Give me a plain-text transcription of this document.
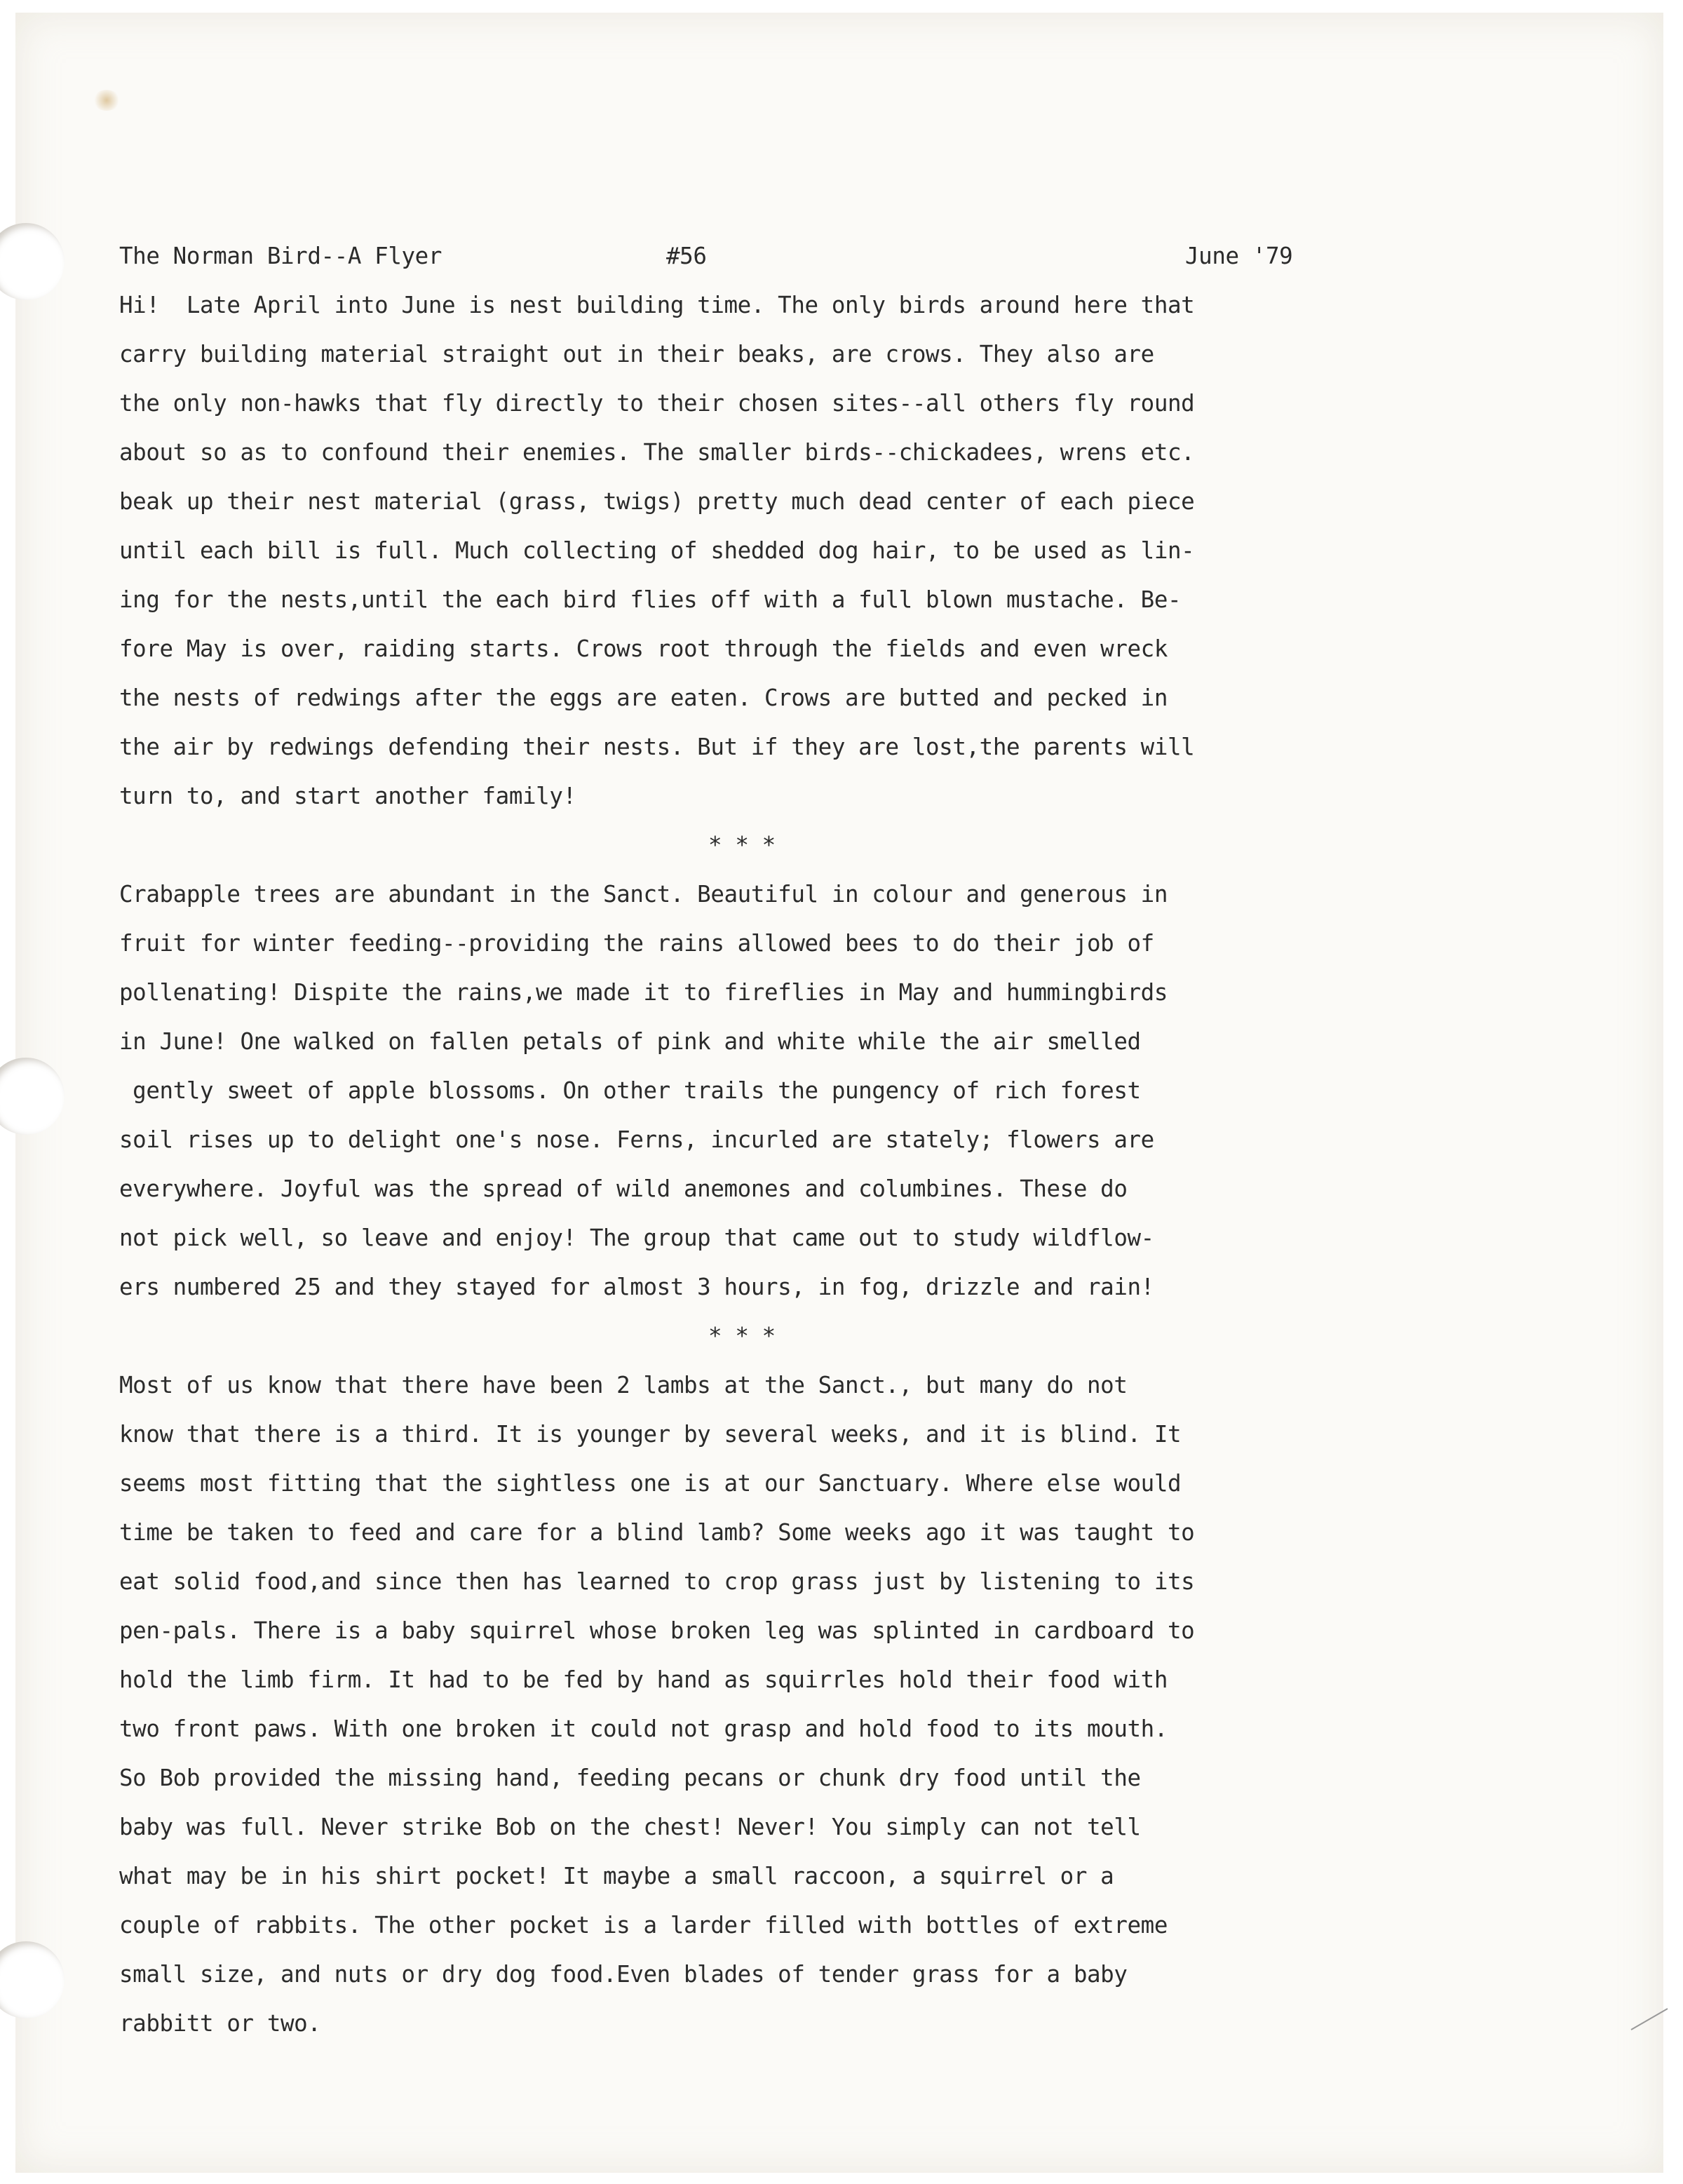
The Norman Bird--A Flyer	#56	June '79
Hi!  Late April into June is nest building time. The only birds around here that
carry building material straight out in their beaks, are crows. They also are
the only non-hawks that fly directly to their chosen sites--all others fly round
about so as to confound their enemies. The smaller birds--chickadees, wrens etc.
beak up their nest material (grass, twigs) pretty much dead center of each piece
until each bill is full. Much collecting of shedded dog hair, to be used as lin-
ing for the nests,until the each bird flies off with a full blown mustache. Be-
fore May is over, raiding starts. Crows root through the fields and even wreck
the nests of redwings after the eggs are eaten. Crows are butted and pecked in
the air by redwings defending their nests. But if they are lost,the parents will
turn to, and start another family!
* * *
Crabapple trees are abundant in the Sanct. Beautiful in colour and generous in
fruit for winter feeding--providing the rains allowed bees to do their job of
pollenating! Dispite the rains,we made it to fireflies in May and hummingbirds
in June! One walked on fallen petals of pink and white while the air smelled
gently sweet of apple blossoms. On other trails the pungency of rich forest
soil rises up to delight one's nose. Ferns, incurled are stately; flowers are
everywhere. Joyful was the spread of wild anemones and columbines. These do
not pick well, so leave and enjoy! The group that came out to study wildflow-
ers numbered 25 and they stayed for almost 3 hours, in fog, drizzle and rain!
* * *
Most of us know that there have been 2 lambs at the Sanct., but many do not
know that there is a third. It is younger by several weeks, and it is blind. It
seems most fitting that the sightless one is at our Sanctuary. Where else would
time be taken to feed and care for a blind lamb? Some weeks ago it was taught to
eat solid food,and since then has learned to crop grass just by listening to its
pen-pals. There is a baby squirrel whose broken leg was splinted in cardboard to
hold the limb firm. It had to be fed by hand as squirrles hold their food with
two front paws. With one broken it could not grasp and hold food to its mouth.
So Bob provided the missing hand, feeding pecans or chunk dry food until the
baby was full. Never strike Bob on the chest! Never! You simply can not tell
what may be in his shirt pocket! It maybe a small raccoon, a squirrel or a
couple of rabbits. The other pocket is a larder filled with bottles of extreme
small size, and nuts or dry dog food.Even blades of tender grass for a baby
rabbitt or two.
